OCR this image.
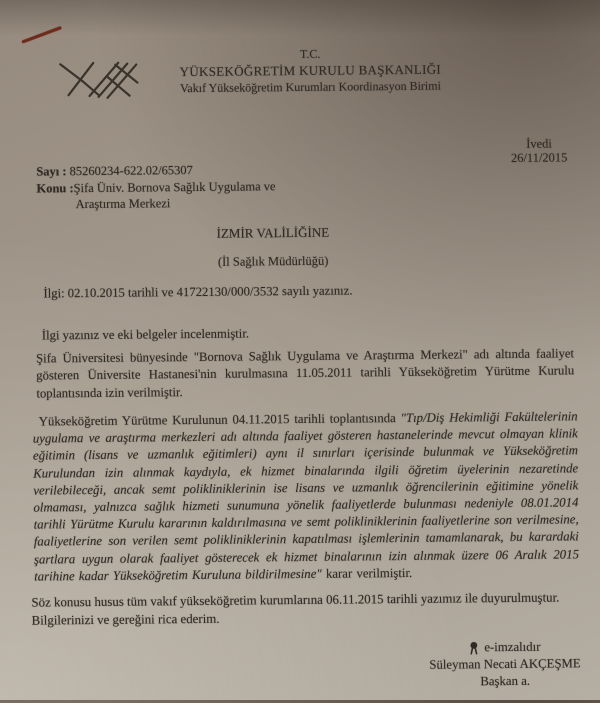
T.C.
YÜKSEKÖĞRETİM KURULU BAŞKANLIĞI
Vakıf Yükseköğretim Kurumları Koordinasyon Birimi
İvedi
26/11/2015
Sayı : 85260234-622.02/65307
Konu :Şifa Üniv. Bornova Sağlık Uygulama ve
Araştırma Merkezi
İZMİR VALİLİĞİNE
(İl Sağlık Müdürlüğü)
İlgi: 02.10.2015 tarihli ve 41722130/000/3532 sayılı yazınız.
İlgi yazınız ve eki belgeler incelenmiştir.
Şifa Üniversitesi bünyesinde "Bornova Sağlık Uygulama ve Araştırma Merkezi" adı altında faaliyet gösteren Üniversite Hastanesi'nin kurulmasına 11.05.2011 tarihli Yükseköğretim Yürütme Kurulu toplantısında izin verilmiştir.
Yükseköğretim Yürütme Kurulunun 04.11.2015 tarihli toplantısında "Tıp/Diş Hekimliği Fakültelerinin uygulama ve araştırma merkezleri adı altında faaliyet gösteren hastanelerinde mevcut olmayan klinik eğitimin (lisans ve uzmanlık eğitimleri) aynı il sınırları içerisinde bulunmak ve Yükseköğretim Kurulundan izin alınmak kaydıyla, ek hizmet binalarında ilgili öğretim üyelerinin nezaretinde verilebileceği, ancak semt polikliniklerinin ise lisans ve uzmanlık öğrencilerinin eğitimine yönelik olmaması, yalnızca sağlık hizmeti sunumuna yönelik faaliyetlerde bulunması nedeniyle 08.01.2014 tarihli Yürütme Kurulu kararının kaldırılmasına ve semt polikliniklerinin faaliyetlerine son verilmesine, faaliyetlerine son verilen semt polikliniklerinin kapatılması işlemlerinin tamamlanarak, bu karardaki şartlara uygun olarak faaliyet gösterecek ek hizmet binalarının izin alınmak üzere 06 Aralık 2015 tarihine kadar Yükseköğretim Kuruluna bildirilmesine" karar verilmiştir.
Söz konusu husus tüm vakıf yükseköğretim kurumlarına 06.11.2015 tarihli yazımız ile duyurulmuştur.
Bilgilerinizi ve gereğini rica ederim.
e-imzalıdır
Süleyman Necati AKÇEŞME
Başkan a.
